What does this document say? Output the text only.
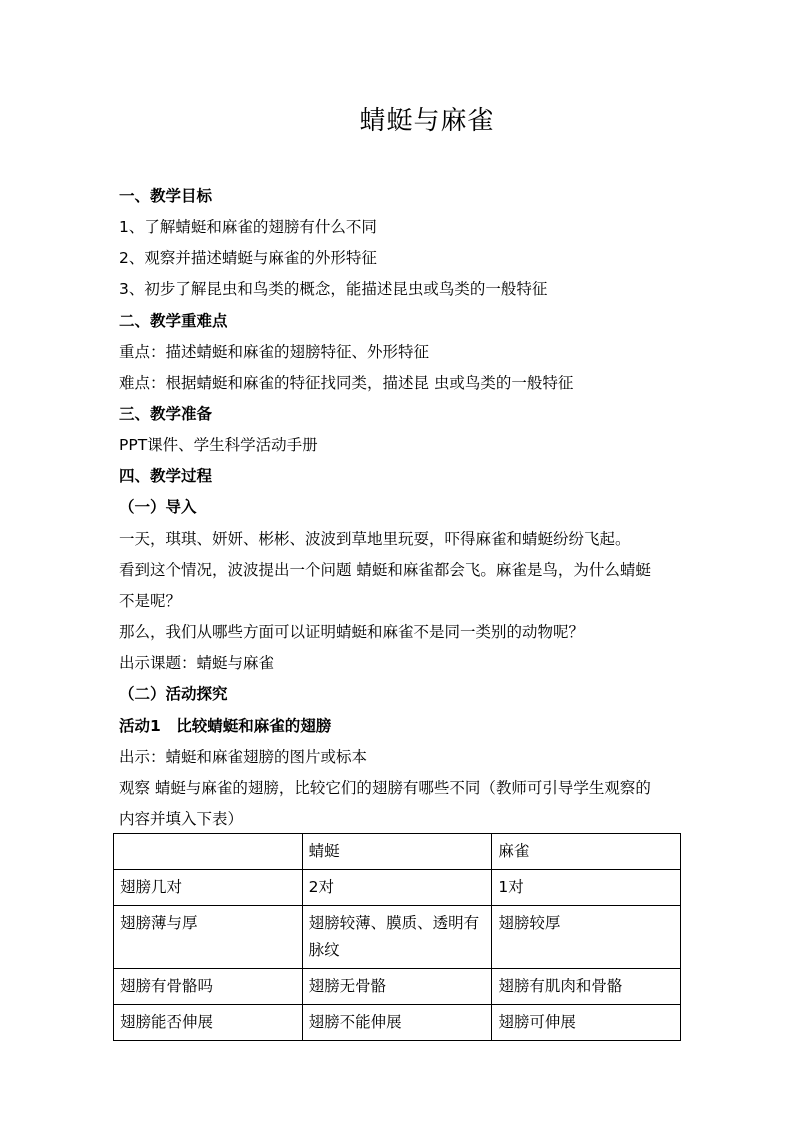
蜻蜓与麻雀
一、教学目标
1、了解蜻蜓和麻雀的翅膀有什么不同
2、观察并描述蜻蜓与麻雀的外形特征
3、初步了解昆虫和鸟类的概念，能描述昆虫或鸟类的一般特征
二、教学重难点
重点：描述蜻蜓和麻雀的翅膀特征、外形特征
难点：根据蜻蜓和麻雀的特征找同类，描述昆 虫或鸟类的一般特征
三、教学准备
PPT课件、学生科学活动手册
四、教学过程
（一）导入
一天，琪琪、妍妍、彬彬、波波到草地里玩耍，吓得麻雀和蜻蜓纷纷飞起。
看到这个情况，波波提出一个问题 蜻蜓和麻雀都会飞。麻雀是鸟，为什么蜻蜓
不是呢？
那么，我们从哪些方面可以证明蜻蜓和麻雀不是同一类别的动物呢？
出示课题：蜻蜓与麻雀
（二）活动探究
活动1　比较蜻蜓和麻雀的翅膀
出示：蜻蜓和麻雀翅膀的图片或标本
观察 蜻蜓与麻雀的翅膀，比较它们的翅膀有哪些不同（教师可引导学生观察的
内容并填入下表）
	蜻蜓	麻雀
翅膀几对	2对	1对
翅膀薄与厚	翅膀较薄、膜质、透明有脉纹	翅膀较厚
翅膀有骨骼吗	翅膀无骨骼	翅膀有肌肉和骨骼
翅膀能否伸展	翅膀不能伸展	翅膀可伸展
